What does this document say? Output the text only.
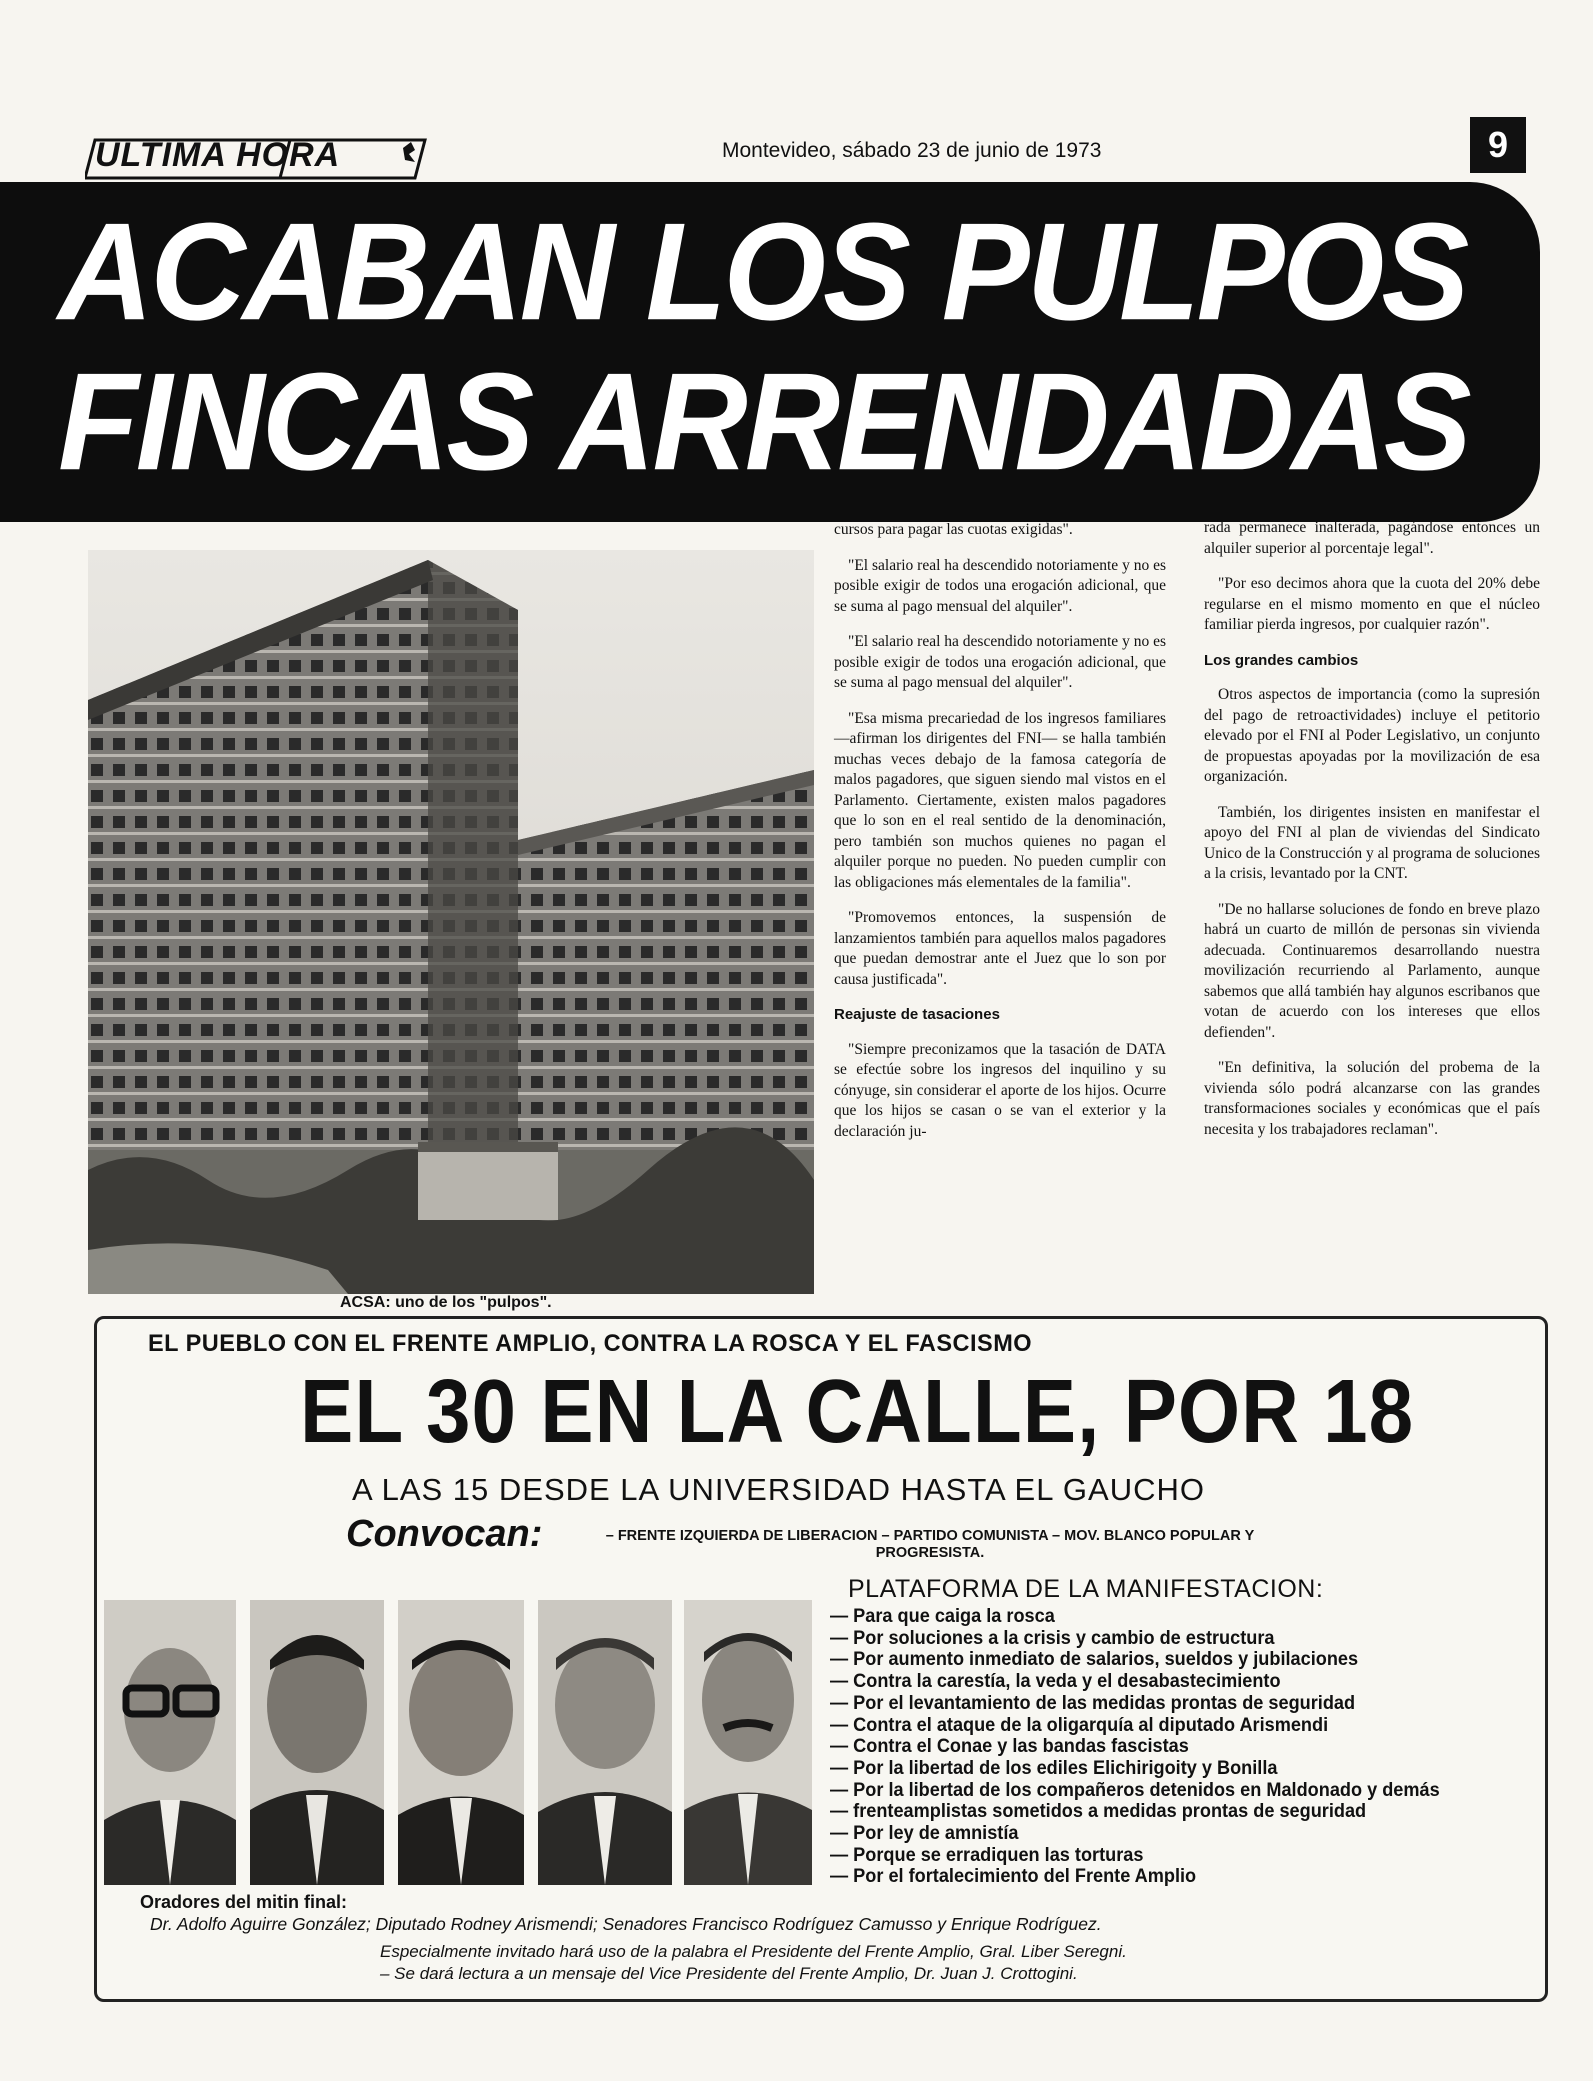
ULTIMA HORA	Montevideo, sábado 23 de junio de 1973	9
ACABAN LOS PULPOS
FINCAS ARRENDADAS
ACSA: uno de los "pulpos".

cursos para pagar las cuotas exigidas".

"El salario real ha descendido notoriamente y no es posible exigir de todos una erogación adicional, que se suma al pago mensual del alquiler".

"El salario real ha descendido notoriamente y no es posible exigir de todos una erogación adicional, que se suma al pago mensual del alquiler".

"Esa misma precariedad de los ingresos familiares —afirman los dirigentes del FNI— se halla también muchas veces debajo de la famosa categoría de malos pagadores, que siguen siendo mal vistos en el Parlamento. Ciertamente, existen malos pagadores que lo son en el real sentido de la denominación, pero también son muchos quienes no pagan el alquiler porque no pueden. No pueden cumplir con las obligaciones más elementales de la familia".

"Promovemos entonces, la suspensión de lanzamientos también para aquellos malos pagadores que puedan demostrar ante el Juez que lo son por causa justificada".

Reajuste de tasaciones

"Siempre preconizamos que la tasación de DATA se efectúe sobre los ingresos del inquilino y su cónyuge, sin considerar el aporte de los hijos. Ocurre que los hijos se casan o se van el exterior y la declaración ju-

rada permanece inalterada, pagándose entonces un alquiler superior al porcentaje legal".

"Por eso decimos ahora que la cuota del 20% debe regularse en el mismo momento en que el núcleo familiar pierda ingresos, por cualquier razón".

Los grandes cambios

Otros aspectos de importancia (como la supresión del pago de retroactividades) incluye el petitorio elevado por el FNI al Poder Legislativo, un conjunto de propuestas apoyadas por la movilización de esa organización.

También, los dirigentes insisten en manifestar el apoyo del FNI al plan de viviendas del Sindicato Unico de la Construcción y al programa de soluciones a la crisis, levantado por la CNT.

"De no hallarse soluciones de fondo en breve plazo habrá un cuarto de millón de personas sin vivienda adecuada. Continuaremos desarrollando nuestra movilización recurriendo al Parlamento, aunque sabemos que allá también hay algunos escribanos que votan de acuerdo con los intereses que ellos defienden".

"En definitiva, la solución del probema de la vivienda sólo podrá alcanzarse con las grandes transformaciones sociales y económicas que el país necesita y los trabajadores reclaman".

EL PUEBLO CON EL FRENTE AMPLIO, CONTRA LA ROSCA Y EL FASCISMO
EL 30 EN LA CALLE, POR 18
A LAS 15 DESDE LA UNIVERSIDAD HASTA EL GAUCHO
Convocan:	– FRENTE IZQUIERDA DE LIBERACION – PARTIDO COMUNISTA – MOV. BLANCO POPULAR Y PROGRESISTA.
PLATAFORMA DE LA MANIFESTACION:
— Para que caiga la rosca
— Por soluciones a la crisis y cambio de estructura
— Por aumento inmediato de salarios, sueldos y jubilaciones
— Contra la carestía, la veda y el desabastecimiento
— Por el levantamiento de las medidas prontas de seguridad
— Contra el ataque de la oligarquía al diputado Arismendi
— Contra el Conae y las bandas fascistas
— Por la libertad de los ediles Elichirigoity y Bonilla
— Por la libertad de los compañeros detenidos en Maldonado y demás
— frenteamplistas sometidos a medidas prontas de seguridad
— Por ley de amnistía
— Porque se erradiquen las torturas
— Por el fortalecimiento del Frente Amplio
Oradores del mitin final:
Dr. Adolfo Aguirre González; Diputado Rodney Arismendi; Senadores Francisco Rodríguez Camusso y Enrique Rodríguez.
Especialmente invitado hará uso de la palabra el Presidente del Frente Amplio, Gral. Liber Seregni.
– Se dará lectura a un mensaje del Vice Presidente del Frente Amplio, Dr. Juan J. Crottogini.
